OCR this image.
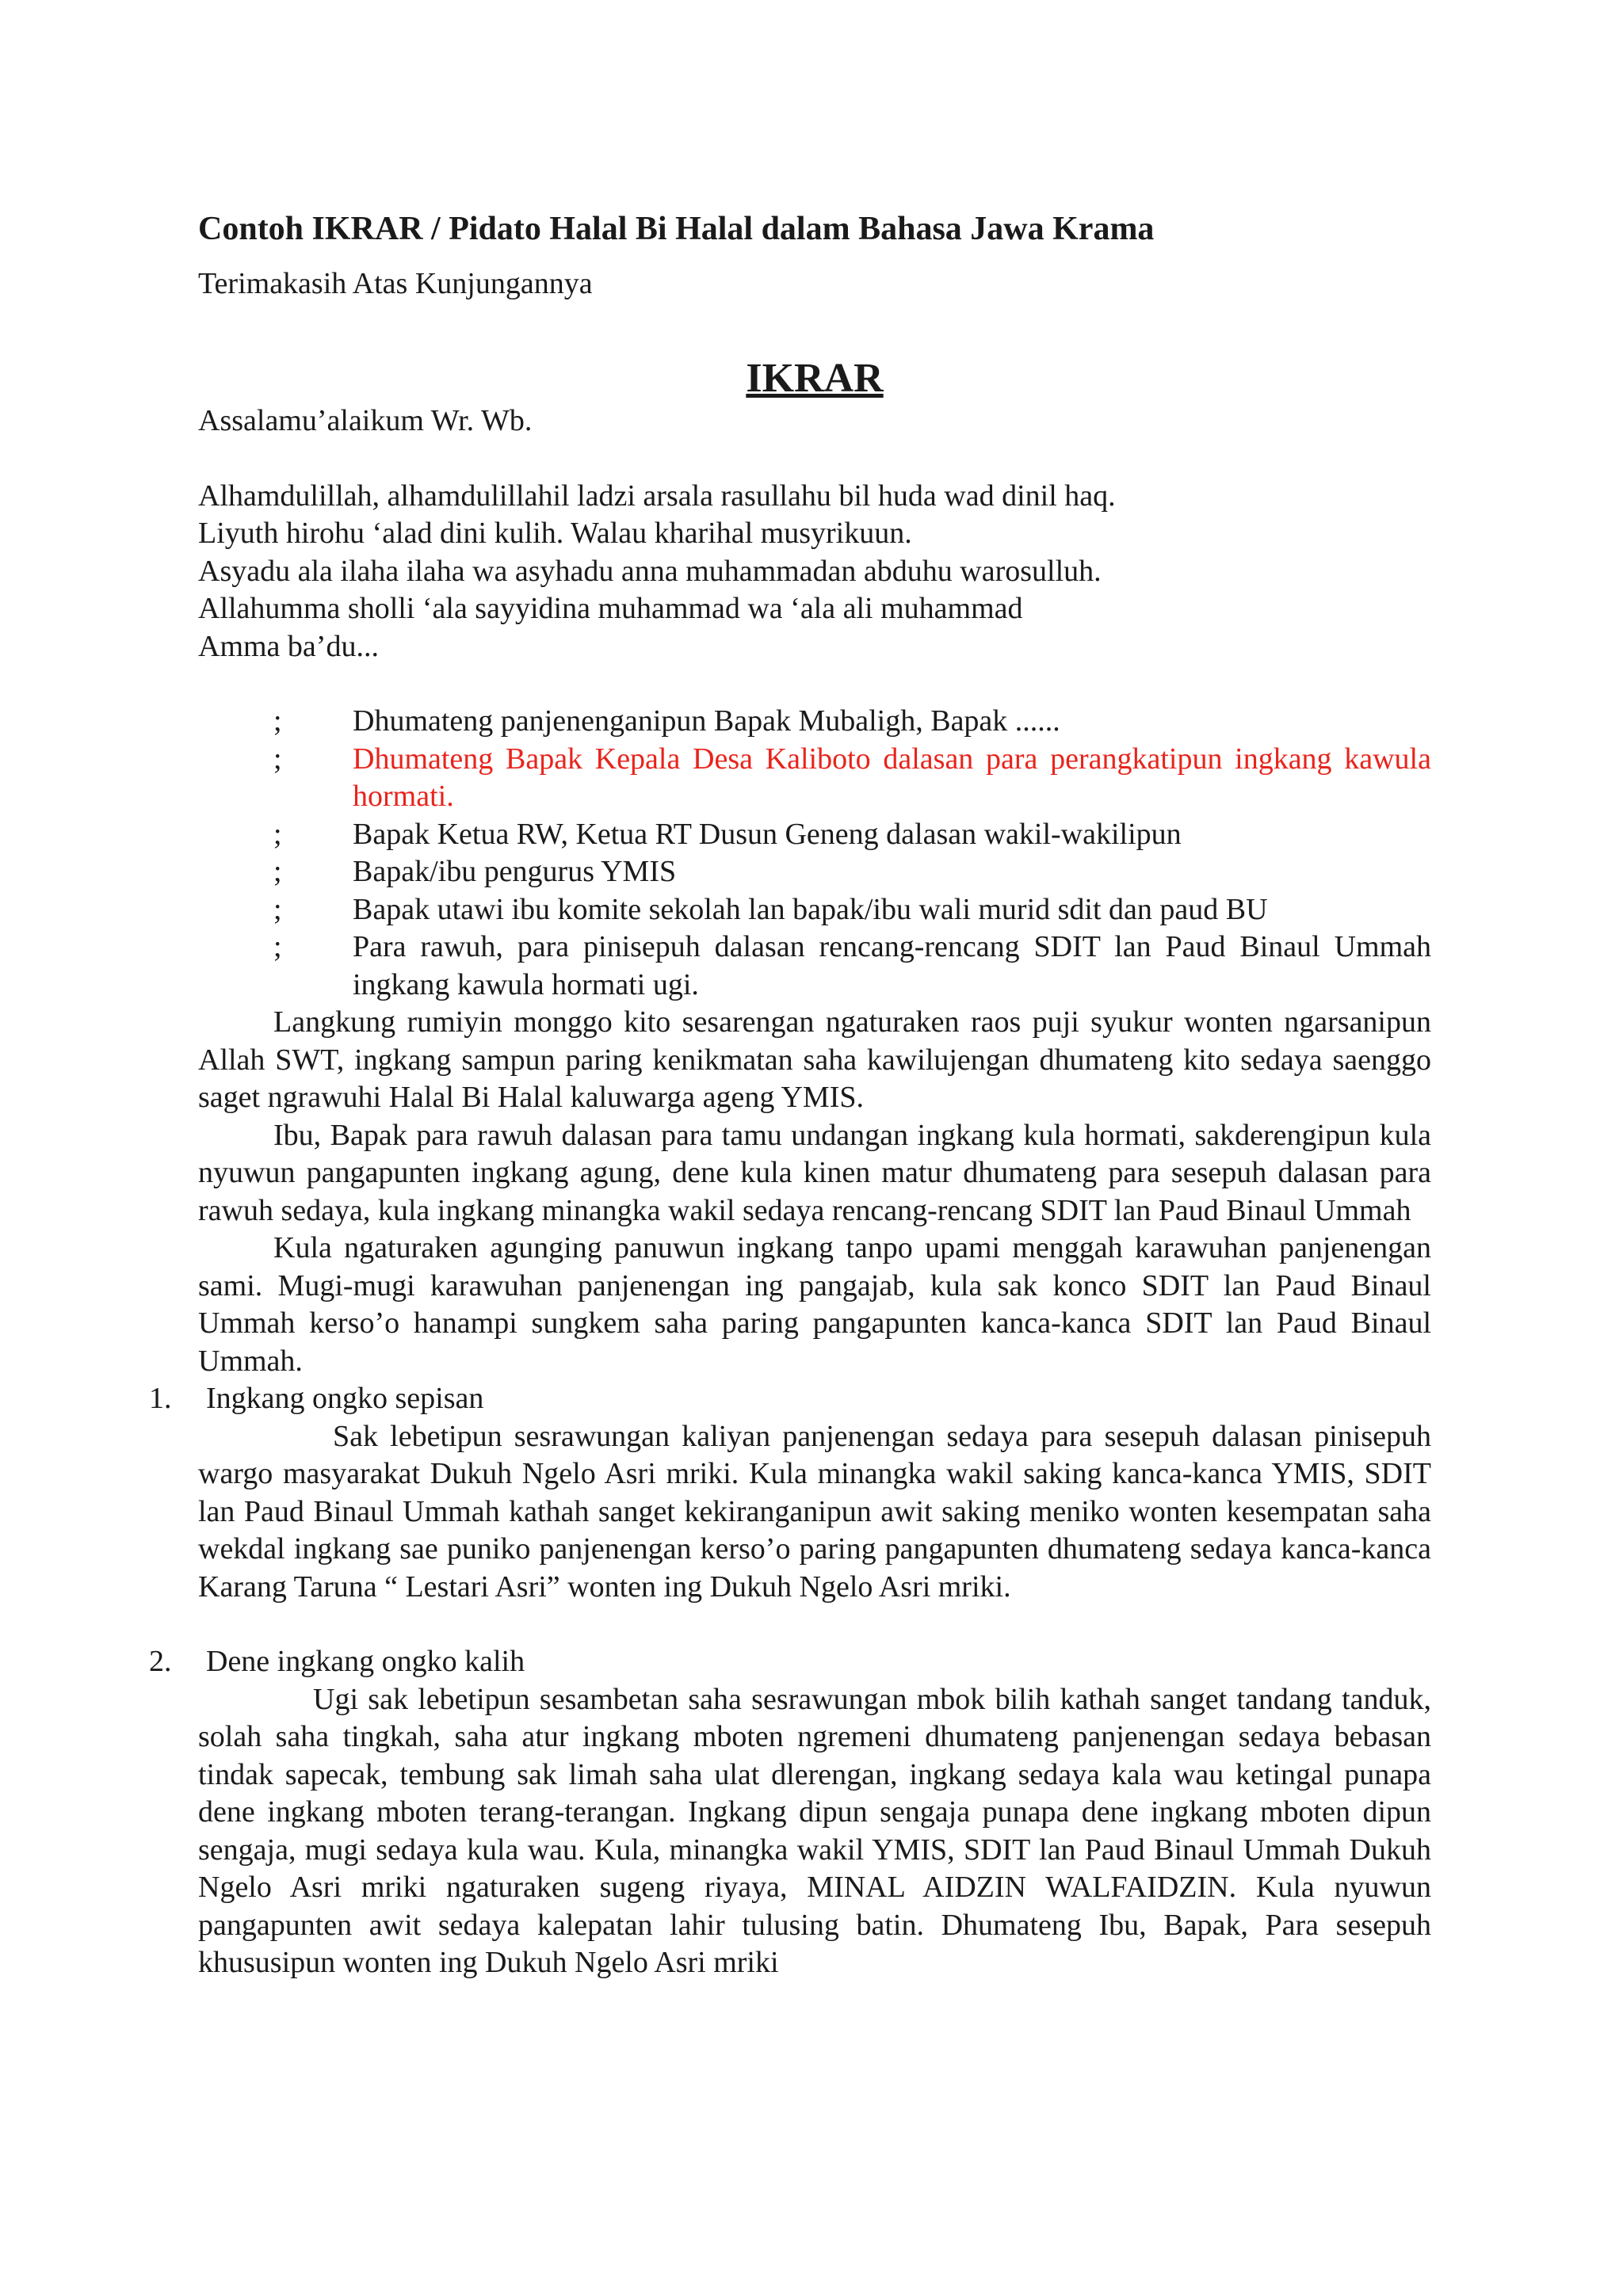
Contoh IKRAR / Pidato Halal Bi Halal dalam Bahasa Jawa Krama

Terimakasih Atas Kunjungannya

IKRAR

Assalamu’alaikum Wr. Wb.

Alhamdulillah, alhamdulillahil ladzi arsala rasullahu bil huda wad dinil haq.
Liyuth hirohu ‘alad dini kulih. Walau kharihal musyrikuun.
Asyadu ala ilaha ilaha wa asyhadu anna muhammadan abduhu warosulluh.
Allahumma sholli ‘ala sayyidina muhammad wa ‘ala ali muhammad
Amma ba’du...
;	Dhumateng panjenenganipun Bapak Mubaligh, Bapak ......
;	Dhumateng Bapak Kepala Desa Kaliboto dalasan para perangkatipun ingkang kawula hormati.
;	Bapak Ketua RW, Ketua RT Dusun Geneng dalasan wakil-wakilipun
;	Bapak/ibu pengurus YMIS
;	Bapak utawi ibu komite sekolah lan bapak/ibu wali murid sdit dan paud BU
;	Para rawuh, para pinisepuh dalasan rencang-rencang SDIT lan Paud Binaul Ummah ingkang kawula hormati ugi.

Langkung rumiyin monggo kito sesarengan ngaturaken raos puji syukur wonten ngarsanipun Allah SWT, ingkang sampun paring kenikmatan saha kawilujengan dhumateng kito sedaya saenggo saget ngrawuhi Halal Bi Halal kaluwarga ageng YMIS.

Ibu, Bapak para rawuh dalasan para tamu undangan ingkang kula hormati, sakderengipun kula nyuwun pangapunten ingkang agung, dene kula kinen matur dhumateng para sesepuh dalasan para rawuh sedaya, kula ingkang minangka wakil sedaya rencang-rencang SDIT lan Paud Binaul Ummah

Kula ngaturaken agunging panuwun ingkang tanpo upami menggah karawuhan panjenengan sami. Mugi-mugi karawuhan panjenengan ing pangajab, kula sak konco SDIT lan Paud Binaul Ummah kerso’o hanampi sungkem saha paring pangapunten kanca-kanca SDIT lan Paud Binaul Ummah.

1.	Ingkang ongko sepisan

Sak lebetipun sesrawungan kaliyan panjenengan sedaya para sesepuh dalasan pinisepuh wargo masyarakat Dukuh Ngelo Asri mriki. Kula minangka wakil saking kanca-kanca YMIS, SDIT lan Paud Binaul Ummah kathah sanget kekiranganipun awit saking meniko wonten kesempatan saha wekdal ingkang sae puniko panjenengan kerso’o paring pangapunten dhumateng sedaya kanca-kanca Karang Taruna “ Lestari Asri” wonten ing Dukuh Ngelo Asri mriki.

2.	Dene ingkang ongko kalih

Ugi sak lebetipun sesambetan saha sesrawungan mbok bilih kathah sanget tandang tanduk, solah saha tingkah, saha atur ingkang mboten ngremeni dhumateng panjenengan sedaya bebasan tindak sapecak, tembung sak limah saha ulat dlerengan, ingkang sedaya kala wau ketingal punapa dene ingkang mboten terang-terangan. Ingkang dipun sengaja punapa dene ingkang mboten dipun sengaja, mugi sedaya kula wau. Kula, minangka wakil YMIS, SDIT lan Paud Binaul Ummah Dukuh Ngelo Asri mriki ngaturaken sugeng riyaya, MINAL AIDZIN WALFAIDZIN. Kula nyuwun pangapunten awit sedaya kalepatan lahir tulusing batin. Dhumateng Ibu, Bapak, Para sesepuh khususipun wonten ing Dukuh Ngelo Asri mriki
